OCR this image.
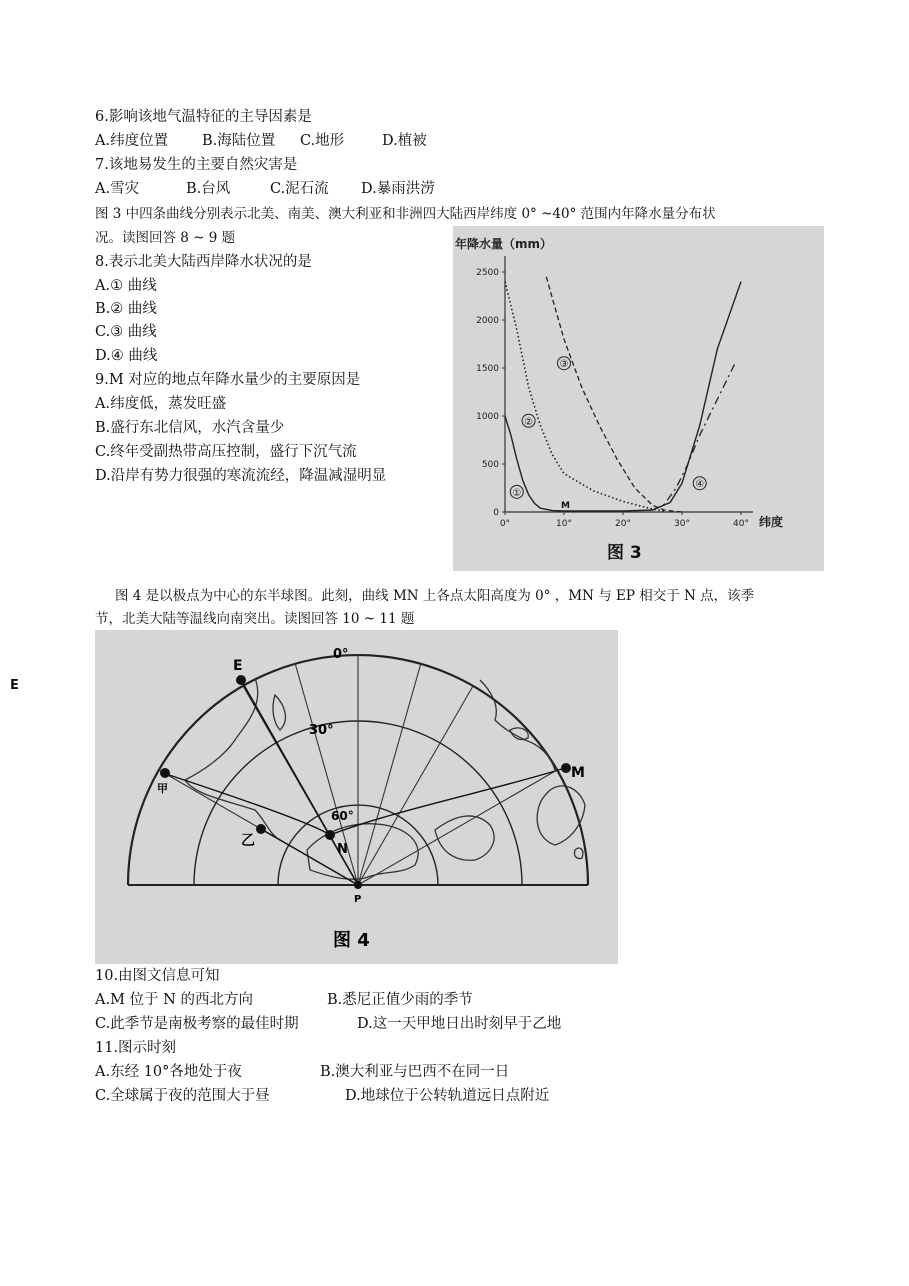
E
6.影响该地气温特征的主导因素是
A.纬度位置 B.海陆位置 C.地形	D.植被
7.该地易发生的主要自然灾害是
A.雪灾	B.台风	C.泥石流 D.暴雨洪涝
图 3 中四条曲线分别表示北美、南美、澳大利亚和非洲四大陆西岸纬度 0° ~40° 范围内年降水量分布状
况。读图回答 8 ~ 9 题
8.表示北美大陆西岸降水状况的是
A.① 曲线
B.② 曲线
C.③ 曲线
D.④ 曲线
9.M 对应的地点年降水量少的主要原因是
A.纬度低，蒸发旺盛
B.盛行东北信风，水汽含量少
C.终年受副热带高压控制，盛行下沉气流
D.沿岸有势力很强的寒流流经，降温减湿明显
年降水量（mm）
0
500
1000
1500
2000
2500
0°	10°	20°	30°	40°
①
②
③
④
M
纬度
图 3
图 4 是以极点为中心的东半球图。此刻，曲线 MN 上各点太阳高度为 0° ，MN 与 EP 相交于 N 点，该季
节，北美大陆等温线向南突出。读图回答 10 ~ 11 题
E
M
N
P
甲
乙
0°
30°
60°
图 4
10.由图文信息可知
A.M 位于 N 的西北方向	B.悉尼正值少雨的季节
C.此季节是南极考察的最佳时期	D.这一天甲地日出时刻早于乙地
11.图示时刻
A.东经 10°各地处于夜	B.澳大利亚与巴西不在同一日
C.全球属于夜的范围大于昼	D.地球位于公转轨道远日点附近
